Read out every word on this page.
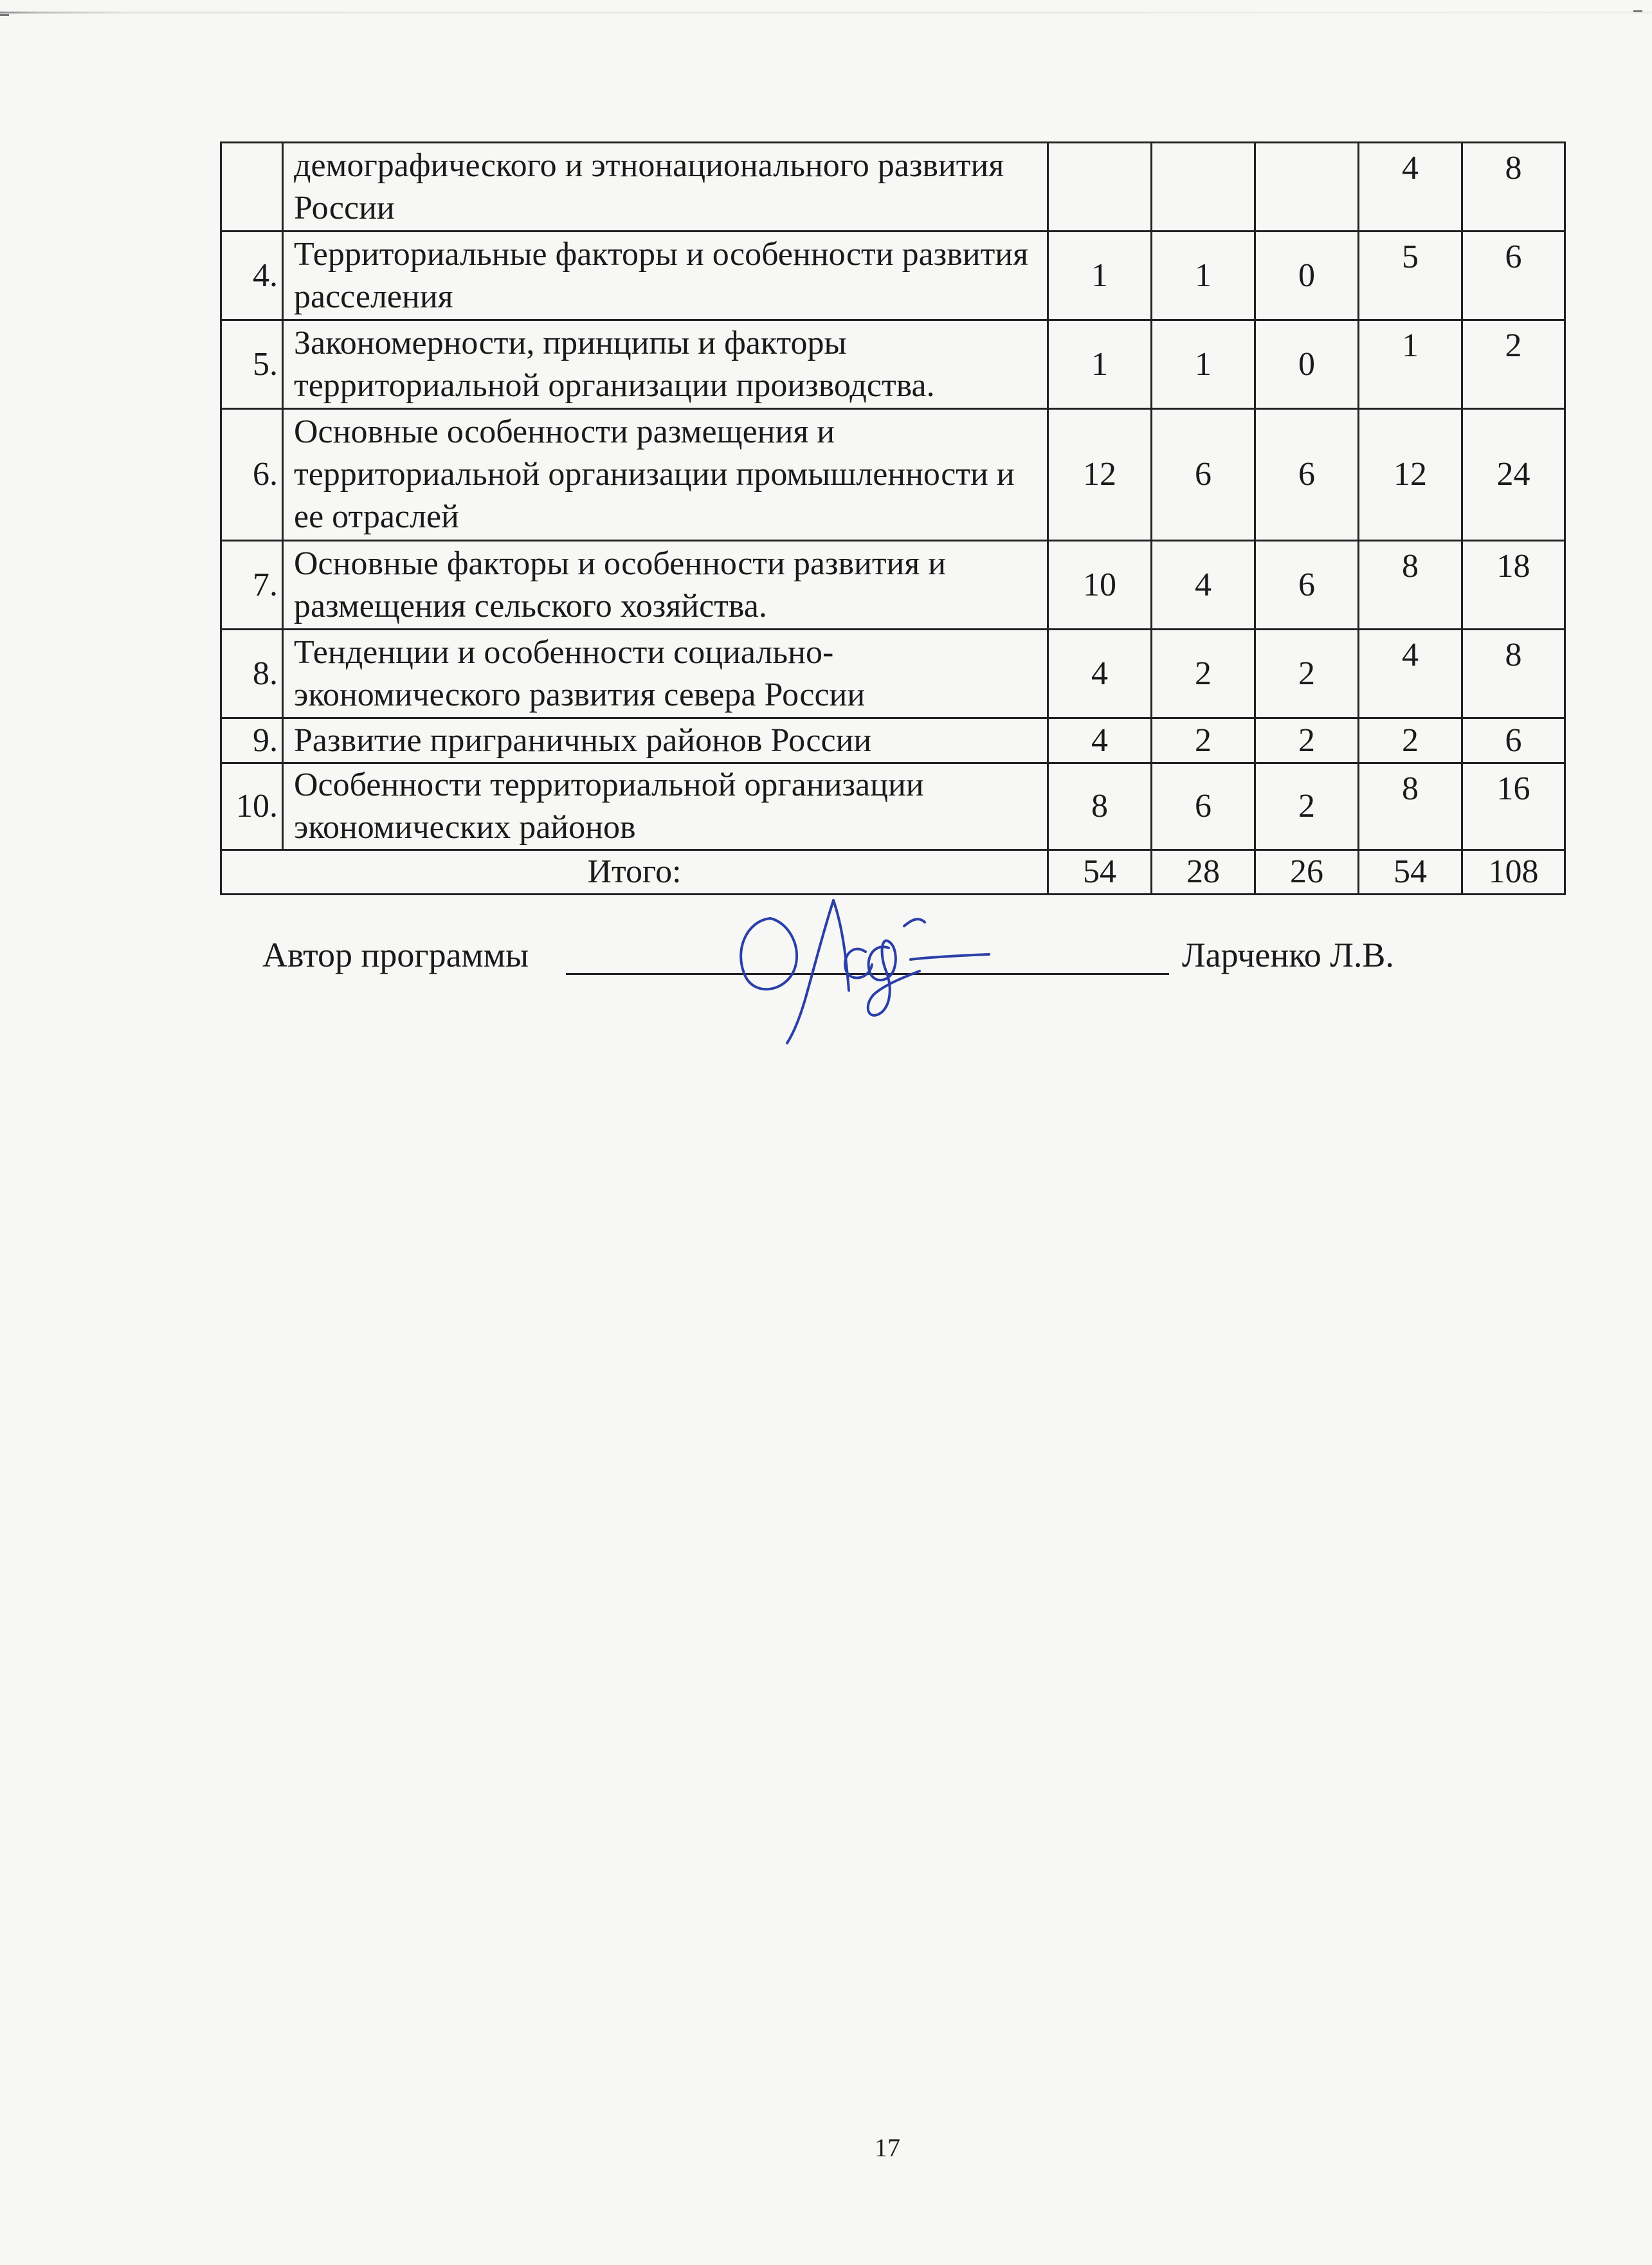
	демографического и этнонационального развития России				4	8
4.	Территориальные факторы и особенности развития расселения	1	1	0	5	6
5.	Закономерности, принципы и факторы территориальной организации производства.	1	1	0	1	2
6.	Основные особенности размещения и территориальной организации промышленности и ее отраслей	12	6	6	12	24
7.	Основные факторы и особенности развития и размещения сельского хозяйства.	10	4	6	8	18
8.	Тенденции и особенности социально-экономического развития севера России	4	2	2	4	8
9.	Развитие приграничных районов России	4	2	2	2	6
10.	Особенности территориальной организации экономических районов	8	6	2	8	16
Итого:		54	28	26	54	108
Автор программы	Ларченко Л.В.
17
